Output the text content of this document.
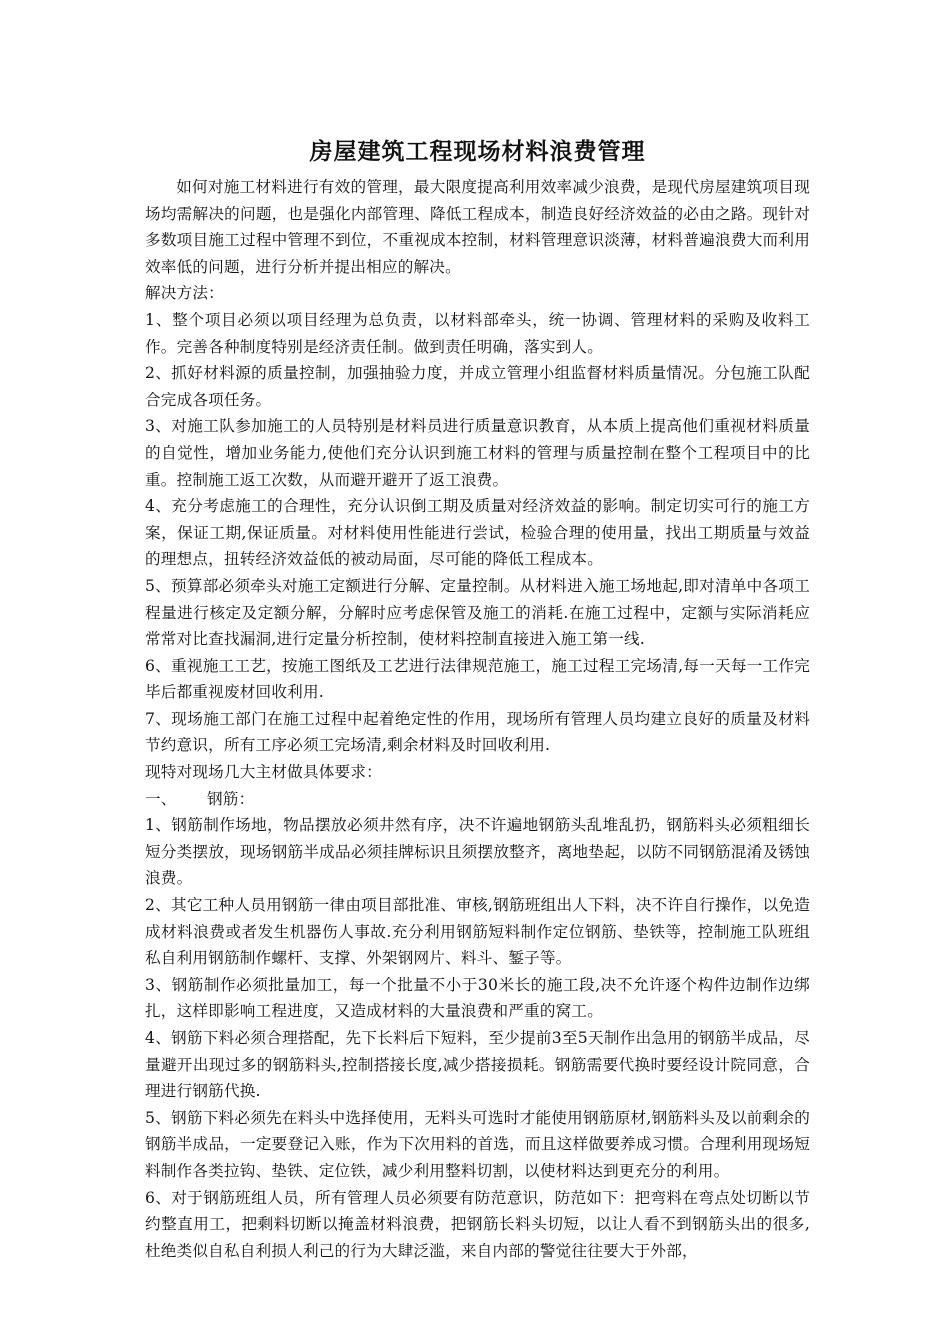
房屋建筑工程现场材料浪费管理

如何对施工材料进行有效的管理，最大限度提高利用效率减少浪费，是现代房屋建筑项目现场均需解决的问题，也是强化内部管理、降低工程成本，制造良好经济效益的必由之路。现针对多数项目施工过程中管理不到位，不重视成本控制，材料管理意识淡薄，材料普遍浪费大而利用效率低的问题，进行分析并提出相应的解决。

解决方法：

1、整个项目必须以项目经理为总负责，以材料部牵头，统一协调、管理材料的采购及收料工作。完善各种制度特别是经济责任制。做到责任明确，落实到人。

2、抓好材料源的质量控制，加强抽验力度，并成立管理小组监督材料质量情况。分包施工队配合完成各项任务。

3、对施工队参加施工的人员特别是材料员进行质量意识教育，从本质上提高他们重视材料质量的自觉性，增加业务能力,使他们充分认识到施工材料的管理与质量控制在整个工程项目中的比重。控制施工返工次数，从而避开避开了返工浪费。

4、充分考虑施工的合理性，充分认识倒工期及质量对经济效益的影响。制定切实可行的施工方案，保证工期,保证质量。对材料使用性能进行尝试，检验合理的使用量，找出工期质量与效益的理想点，扭转经济效益低的被动局面，尽可能的降低工程成本。

5、预算部必须牵头对施工定额进行分解、定量控制。从材料进入施工场地起,即对清单中各项工程量进行核定及定额分解，分解时应考虑保管及施工的消耗.在施工过程中，定额与实际消耗应常常对比查找漏洞,进行定量分析控制，使材料控制直接进入施工第一线.

6、重视施工工艺，按施工图纸及工艺进行法律规范施工，施工过程工完场清,每一天每一工作完毕后都重视废材回收利用.

7、现场施工部门在施工过程中起着绝定性的作用，现场所有管理人员均建立良好的质量及材料节约意识，所有工序必须工完场清,剩余材料及时回收利用.

现特对现场几大主材做具体要求：

一、 钢筋：

1、钢筋制作场地，物品摆放必须井然有序，决不许遍地钢筋头乱堆乱扔，钢筋料头必须粗细长短分类摆放，现场钢筋半成品必须挂牌标识且须摆放整齐，离地垫起，以防不同钢筋混淆及锈蚀浪费。

2、其它工种人员用钢筋一律由项目部批准、审核,钢筋班组出人下料，决不许自行操作，以免造成材料浪费或者发生机器伤人事故.充分利用钢筋短料制作定位钢筋、垫铁等，控制施工队班组私自利用钢筋制作螺杆、支撑、外架钢网片、料斗、錾子等。

3、钢筋制作必须批量加工，每一个批量不小于30米长的施工段,决不允许逐个构件边制作边绑扎，这样即影响工程进度，又造成材料的大量浪费和严重的窝工。

4、钢筋下料必须合理搭配，先下长料后下短料，至少提前3至5天制作出急用的钢筋半成品，尽量避开出现过多的钢筋料头,控制搭接长度,减少搭接损耗。钢筋需要代换时要经设计院同意，合理进行钢筋代换.

5、钢筋下料必须先在料头中选择使用，无料头可选时才能使用钢筋原材,钢筋料头及以前剩余的钢筋半成品，一定要登记入账，作为下次用料的首选，而且这样做要养成习惯。合理利用现场短料制作各类拉钩、垫铁、定位铁，减少利用整料切割，以使材料达到更充分的利用。

6、对于钢筋班组人员，所有管理人员必须要有防范意识，防范如下：把弯料在弯点处切断以节约整直用工，把剩料切断以掩盖材料浪费，把钢筋长料头切短，以让人看不到钢筋头出的很多,杜绝类似自私自利损人利己的行为大肆泛滥，来自内部的警觉往往要大于外部，
